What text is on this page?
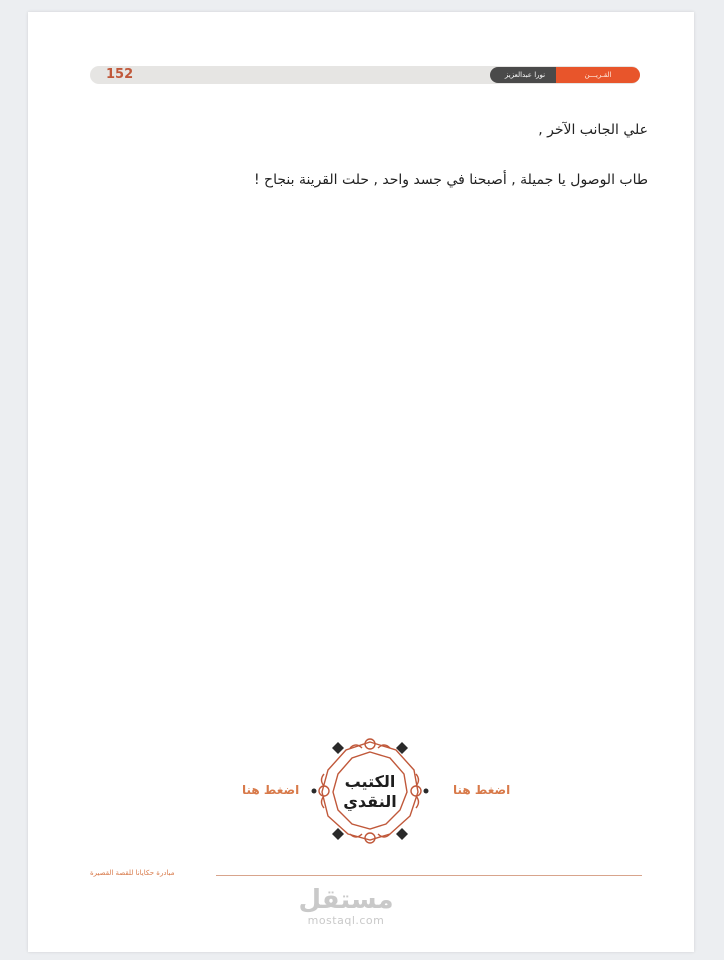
152	نورا عبدالعزيز	القـريـــن
علي الجانب الآخر ,
طاب الوصول يا جميلة , أصبحنا في جسد واحد , حلت القرينة بنجاح !
اضغط هنا	اضغط هنا
الكتيب
النقدي
مبادرة حكايانا للقصة القصيرة
مستقل
mostaql.com
